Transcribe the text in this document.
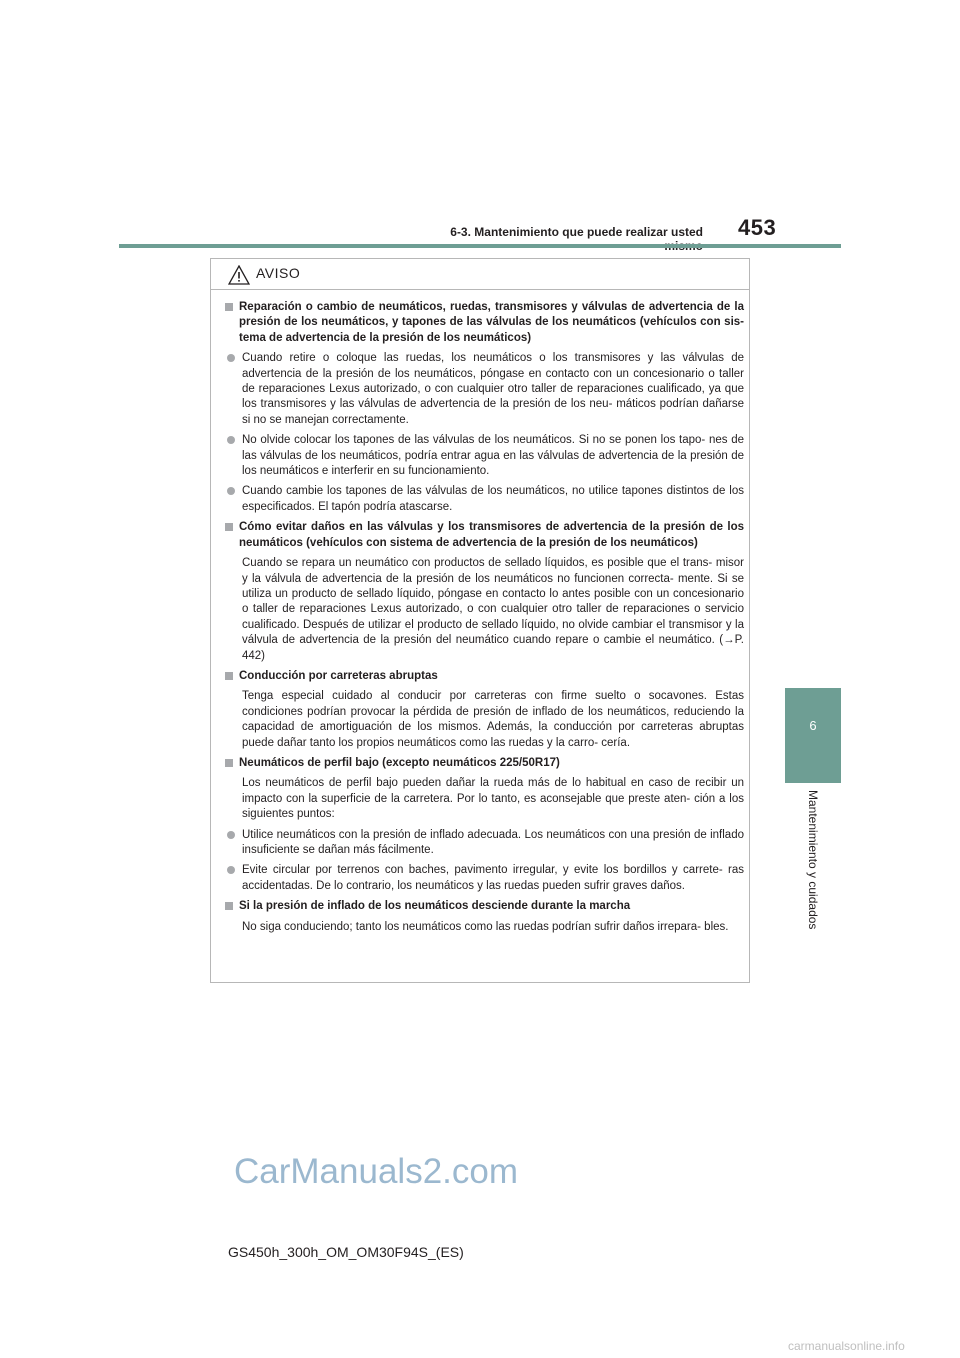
453
6-3. Mantenimiento que puede realizar usted
6
Mantenimiento y cuidados
AVISO
Reparación o cambio de neumáticos, ruedas, transmisores y válvulas de advertencia de la presión de los neumáticos, y tapones de las válvulas de los neumáticos (vehículos con sis- tema de advertencia de la presión de los neumáticos)
Cuando retire o coloque las ruedas, los neumáticos o los transmisores y las válvulas de advertencia de la presión de los neumáticos, póngase en contacto con un concesionario o taller de reparaciones Lexus autorizado, o con cualquier otro taller de reparaciones cualificado, ya que los transmisores y las válvulas de advertencia de la presión de los neu- máticos podrían dañarse si no se manejan correctamente.
No olvide colocar los tapones de las válvulas de los neumáticos. Si no se ponen los tapo- nes de las válvulas de los neumáticos, podría entrar agua en las válvulas de advertencia de la presión de los neumáticos e interferir en su funcionamiento.
Cuando cambie los tapones de las válvulas de los neumáticos, no utilice tapones distintos de los especificados. El tapón podría atascarse.
Cómo evitar daños en las válvulas y los transmisores de advertencia de la presión de los neumáticos (vehículos con sistema de advertencia de la presión de los neumáticos)
Cuando se repara un neumático con productos de sellado líquidos, es posible que el trans- misor y la válvula de advertencia de la presión de los neumáticos no funcionen correcta- mente. Si se utiliza un producto de sellado líquido, póngase en contacto lo antes posible con un concesionario o taller de reparaciones Lexus autorizado, o con cualquier otro taller de reparaciones o servicio cualificado. Después de utilizar el producto de sellado líquido, no olvide cambiar el transmisor y la válvula de advertencia de la presión del neumático cuando repare o cambie el neumático. (→P. 442)
Conducción por carreteras abruptas
Tenga especial cuidado al conducir por carreteras con firme suelto o socavones. Estas condiciones podrían provocar la pérdida de presión de inflado de los neumáticos, reduciendo la capacidad de amortiguación de los mismos. Además, la conducción por carreteras abruptas puede dañar tanto los propios neumáticos como las ruedas y la carro- cería.
Neumáticos de perfil bajo (excepto neumáticos 225/50R17)
Los neumáticos de perfil bajo pueden dañar la rueda más de lo habitual en caso de recibir un impacto con la superficie de la carretera. Por lo tanto, es aconsejable que preste aten- ción a los siguientes puntos:
Utilice neumáticos con la presión de inflado adecuada. Los neumáticos con una presión de inflado insuficiente se dañan más fácilmente.
Evite circular por terrenos con baches, pavimento irregular, y evite los bordillos y carrete- ras accidentadas. De lo contrario, los neumáticos y las ruedas pueden sufrir graves daños.
Si la presión de inflado de los neumáticos desciende durante la marcha
No siga conduciendo; tanto los neumáticos como las ruedas podrían sufrir daños irrepara- bles.
CarManuals2.com
GS450h_300h_OM_OM30F94S_(ES)
carmanualsonline.info
